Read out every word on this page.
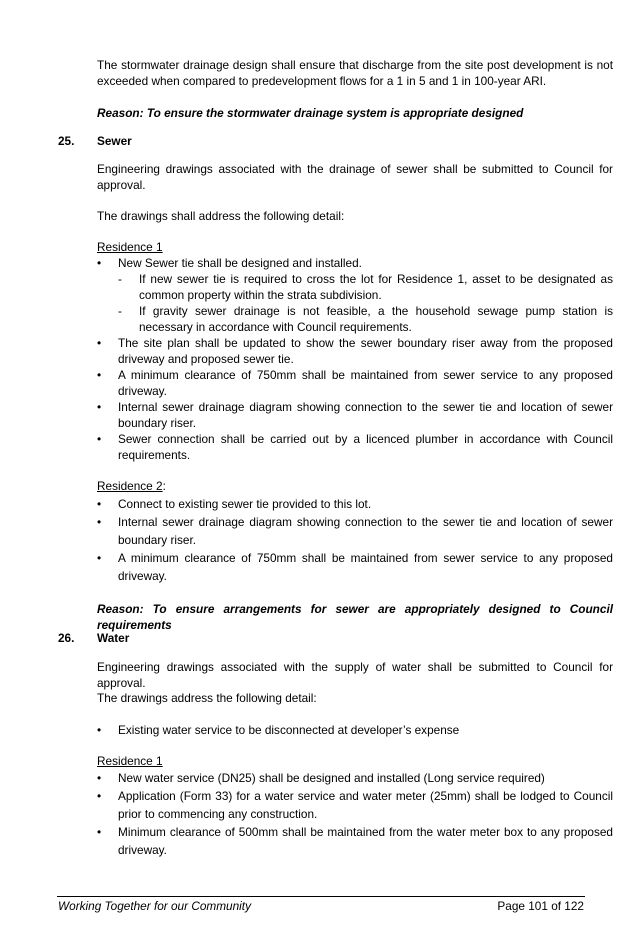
The stormwater drainage design shall ensure that discharge from the site post development is not exceeded when compared to predevelopment flows for a 1 in 5 and 1 in 100-year ARI.

Reason: To ensure the stormwater drainage system is appropriate designed

25. Sewer

Engineering drawings associated with the drainage of sewer shall be submitted to Council for approval.

The drawings shall address the following detail:

Residence 1
• New Sewer tie shall be designed and installed.
- If new sewer tie is required to cross the lot for Residence 1, asset to be designated as common property within the strata subdivision.
- If gravity sewer drainage is not feasible, a the household sewage pump station is necessary in accordance with Council requirements.
• The site plan shall be updated to show the sewer boundary riser away from the proposed driveway and proposed sewer tie.
• A minimum clearance of 750mm shall be maintained from sewer service to any proposed driveway.
• Internal sewer drainage diagram showing connection to the sewer tie and location of sewer boundary riser.
• Sewer connection shall be carried out by a licenced plumber in accordance with Council requirements.
Residence 2:
• Connect to existing sewer tie provided to this lot.
• Internal sewer drainage diagram showing connection to the sewer tie and location of sewer boundary riser.
• A minimum clearance of 750mm shall be maintained from sewer service to any proposed driveway.

Reason: To ensure arrangements for sewer are appropriately designed to Council requirements

26. Water

Engineering drawings associated with the supply of water shall be submitted to Council for approval.

The drawings address the following detail:

• Existing water service to be disconnected at developer’s expense
Residence 1
• New water service (DN25) shall be designed and installed (Long service required)
• Application (Form 33) for a water service and water meter (25mm) shall be lodged to Council prior to commencing any construction.
• Minimum clearance of 500mm shall be maintained from the water meter box to any proposed driveway.
Working Together for our Community	Page 101 of 122
